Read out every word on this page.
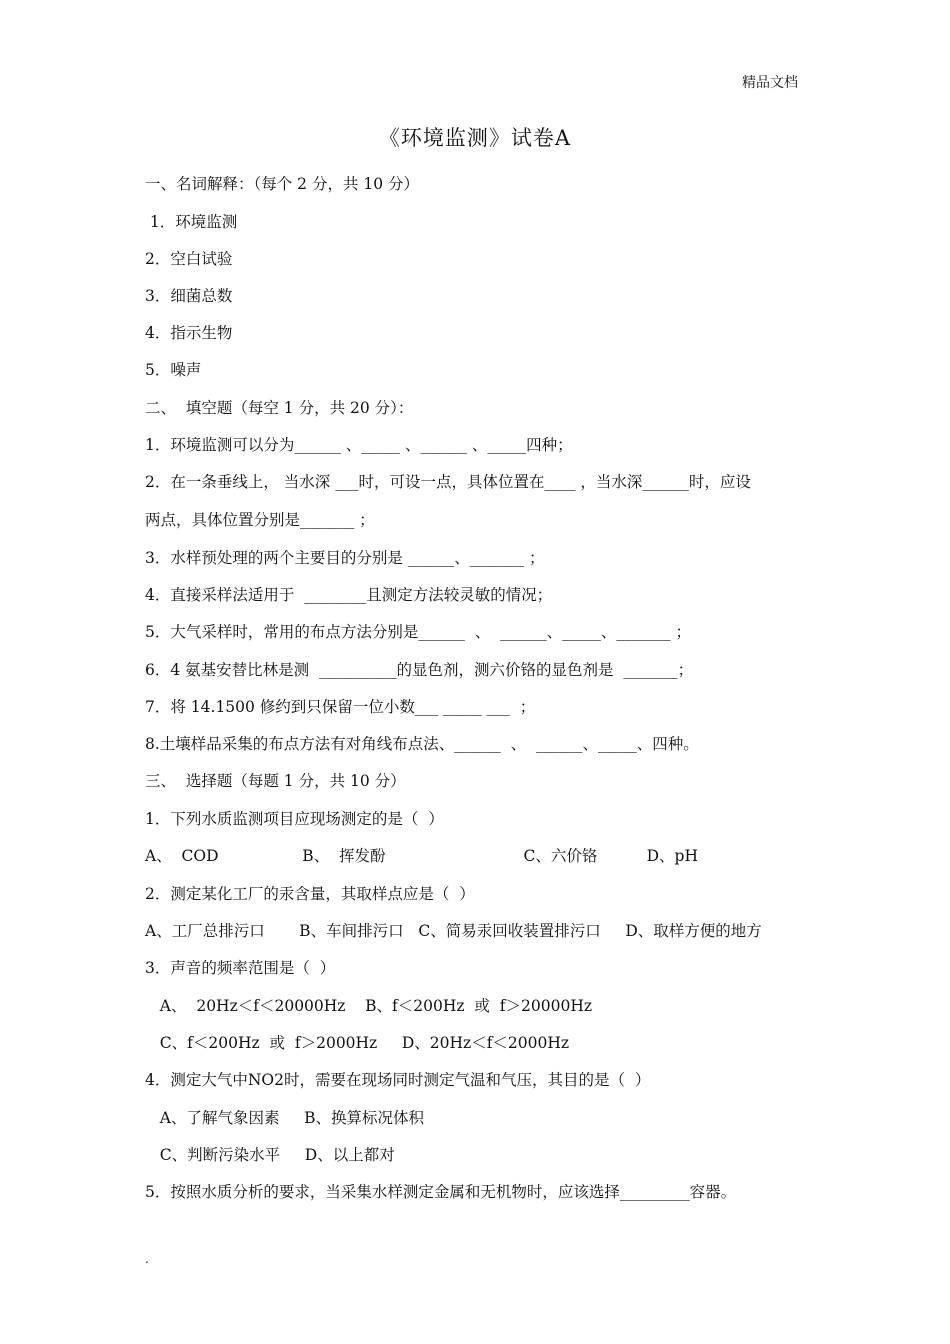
精品文档
《环境监测》试卷A
一、名词解释：（每个 2 分，共 10 分）
1．环境监测
2．空白试验
3．细菌总数
4．指示生物
5．噪声
二、  填空题（每空 1 分，共 20 分）：
1．环境监测可以分为______ 、_____ 、______ 、_____四种；
2．在一条垂线上， 当水深 ___时，可设一点，具体位置在____ ，当水深______时，应设
两点，具体位置分别是_______ ；
3．水样预处理的两个主要目的分别是 ______、_______ ；
4．直接采样法适用于  ________且测定方法较灵敏的情况；
5．大气采样时，常用的布点方法分别是______  、  ______、_____、_______ ；
6．4 氨基安替比林是测  __________的显色剂，测六价铬的显色剂是  _______；
7．将 14.1500 修约到只保留一位小数___ _____ ___  ；
8.土壤样品采集的布点方法有对角线布点法、______  、  ______、_____、四种。
三、  选择题（每题 1 分，共 10 分）
1．下列水质监测项目应现场测定的是（  ）
A、  COD                 B、  挥发酚                            C、六价铬          D、pH
2．测定某化工厂的汞含量，其取样点应是（  ）
A、工厂总排污口       B、车间排污口   C、简易汞回收装置排污口     D、取样方便的地方
3．声音的频率范围是（  ）
A、  20Hz＜f＜20000Hz    B、f＜200Hz  或  f＞20000Hz
C、f＜200Hz  或  f＞2000Hz     D、20Hz＜f＜2000Hz
4．测定大气中NO2时，需要在现场同时测定气温和气压，其目的是（  ）
A、了解气象因素     B、换算标况体积
C、判断污染水平     D、以上都对
5．按照水质分析的要求，当采集水样测定金属和无机物时，应该选择_________容器。
.
